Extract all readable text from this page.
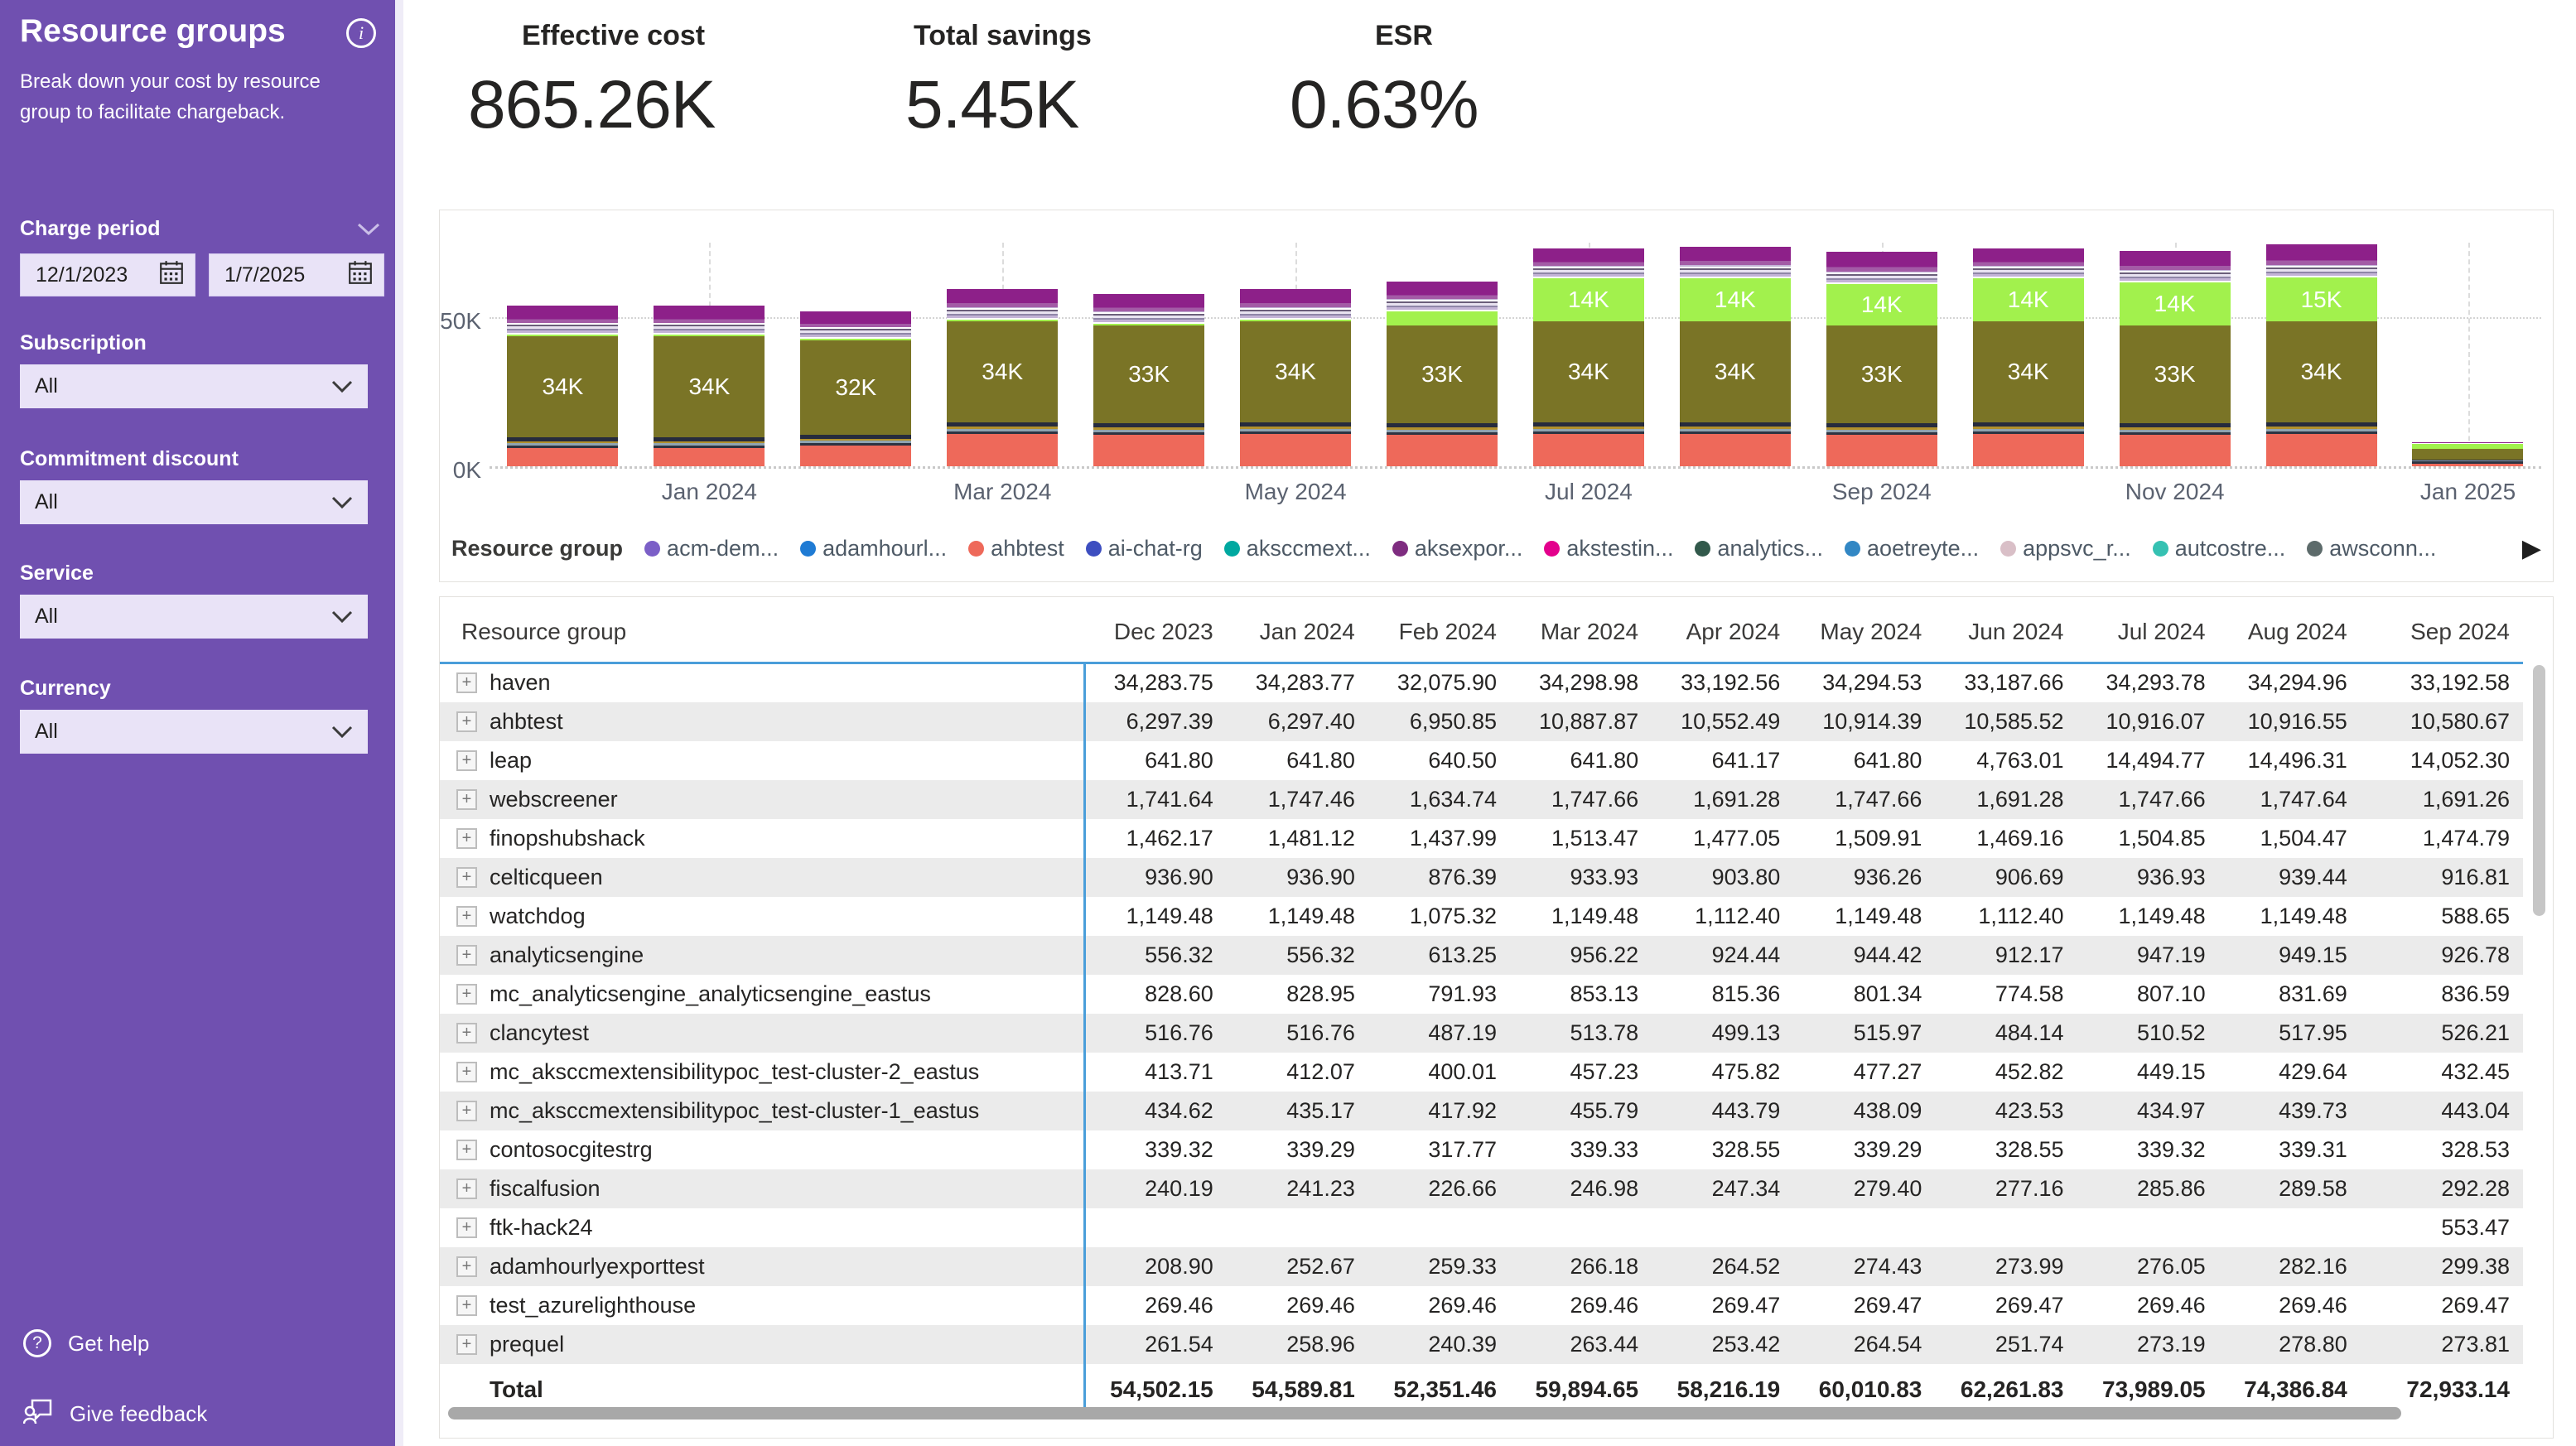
Resource groups	i
Break down your cost by resource group to facilitate chargeback.
Charge period
12/1/2023	1/7/2025
Subscription
All
Commitment discount
All
Service
All
Currency
All
?	Get help
Give feedback
Effective cost
865.26K
Total savings
5.45K
ESR
0.63%
50K
0K
34K	34K	32K
34K	33K	34K	33K	34K
14K
34K
14K
33K
14K
34K
14K
33K
14K
34K
15K
Jan 2024	Mar 2024	May 2024	Jul 2024	Sep 2024	Nov 2024	Jan 2025
Resource group acm-dem... adamhourl... ahbtest ai-chat-rg aksccmext... aksexpor... akstestin... analytics... aoetreyte... appsvc_r... autcostre... awsconn...	▶
Resource group	Dec 2023	Jan 2024	Feb 2024	Mar 2024	Apr 2024	May 2024	Jun 2024	Jul 2024	Aug 2024	Sep 2024

+ haven	34,283.75	34,283.77	32,075.90	34,298.98	33,192.56	34,294.53	33,187.66	34,293.78	34,294.96	33,192.58

+ ahbtest	6,297.39	6,297.40	6,950.85	10,887.87	10,552.49	10,914.39	10,585.52	10,916.07	10,916.55	10,580.67

+ leap	641.80	641.80	640.50	641.80	641.17	641.80	4,763.01	14,494.77	14,496.31	14,052.30

+ webscreener	1,741.64	1,747.46	1,634.74	1,747.66	1,691.28	1,747.66	1,691.28	1,747.66	1,747.64	1,691.26

+ finopshubshack	1,462.17	1,481.12	1,437.99	1,513.47	1,477.05	1,509.91	1,469.16	1,504.85	1,504.47	1,474.79

+ celticqueen	936.90	936.90	876.39	933.93	903.80	936.26	906.69	936.93	939.44	916.81

+ watchdog	1,149.48	1,149.48	1,075.32	1,149.48	1,112.40	1,149.48	1,112.40	1,149.48	1,149.48	588.65

+ analyticsengine	556.32	556.32	613.25	956.22	924.44	944.42	912.17	947.19	949.15	926.78

+ mc_analyticsengine_analyticsengine_eastus	828.60	828.95	791.93	853.13	815.36	801.34	774.58	807.10	831.69	836.59

+ clancytest	516.76	516.76	487.19	513.78	499.13	515.97	484.14	510.52	517.95	526.21

+ mc_aksccmextensibilitypoc_test-cluster-2_eastus	413.71	412.07	400.01	457.23	475.82	477.27	452.82	449.15	429.64	432.45

+ mc_aksccmextensibilitypoc_test-cluster-1_eastus	434.62	435.17	417.92	455.79	443.79	438.09	423.53	434.97	439.73	443.04

+ contosocgitestrg	339.32	339.29	317.77	339.33	328.55	339.29	328.55	339.32	339.31	328.53

+ fiscalfusion	240.19	241.23	226.66	246.98	247.34	279.40	277.16	285.86	289.58	292.28

+ ftk-hack24										553.47

+ adamhourlyexporttest	208.90	252.67	259.33	266.18	264.52	274.43	273.99	276.05	282.16	299.38

+ test_azurelighthouse	269.46	269.46	269.46	269.46	269.47	269.47	269.47	269.46	269.46	269.47

+ prequel	261.54	258.96	240.39	263.44	253.42	264.54	251.74	273.19	278.80	273.81

Total	54,502.15	54,589.81	52,351.46	59,894.65	58,216.19	60,010.83	62,261.83	73,989.05	74,386.84	72,933.14
